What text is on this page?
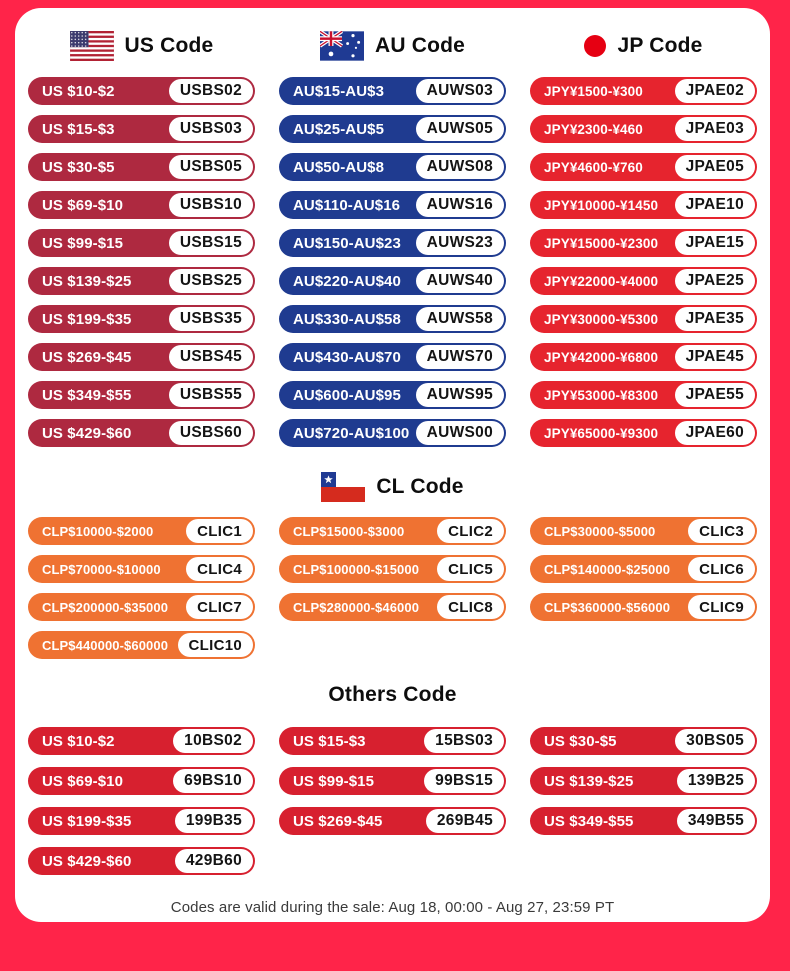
US Code
US $10-$2	USBS02
US $15-$3	USBS03
US $30-$5	USBS05
US $69-$10	USBS10
US $99-$15	USBS15
US $139-$25	USBS25
US $199-$35	USBS35
US $269-$45	USBS45
US $349-$55	USBS55
US $429-$60	USBS60
AU Code
AU$15-AU$3	AUWS03
AU$25-AU$5	AUWS05
AU$50-AU$8	AUWS08
AU$110-AU$16	AUWS16
AU$150-AU$23	AUWS23
AU$220-AU$40	AUWS40
AU$330-AU$58	AUWS58
AU$430-AU$70	AUWS70
AU$600-AU$95	AUWS95
AU$720-AU$100	AUWS00
JP Code
JPY¥1500-¥300	JPAE02
JPY¥2300-¥460	JPAE03
JPY¥4600-¥760	JPAE05
JPY¥10000-¥1450	JPAE10
JPY¥15000-¥2300	JPAE15
JPY¥22000-¥4000	JPAE25
JPY¥30000-¥5300	JPAE35
JPY¥42000-¥6800	JPAE45
JPY¥53000-¥8300	JPAE55
JPY¥65000-¥9300	JPAE60
CL Code
CLP$10000-$2000	CLIC1	CLP$15000-$3000	CLIC2	CLP$30000-$5000	CLIC3
CLP$70000-$10000	CLIC4	CLP$100000-$15000	CLIC5	CLP$140000-$25000	CLIC6
CLP$200000-$35000	CLIC7	CLP$280000-$46000	CLIC8	CLP$360000-$56000	CLIC9
CLP$440000-$60000	CLIC10
Others Code
US $10-$2	10BS02	US $15-$3	15BS03	US $30-$5	30BS05
US $69-$10	69BS10	US $99-$15	99BS15	US $139-$25	139B25
US $199-$35	199B35	US $269-$45	269B45	US $349-$55	349B55
US $429-$60	429B60
Codes are valid during the sale: Aug 18, 00:00 - Aug 27, 23:59 PT
